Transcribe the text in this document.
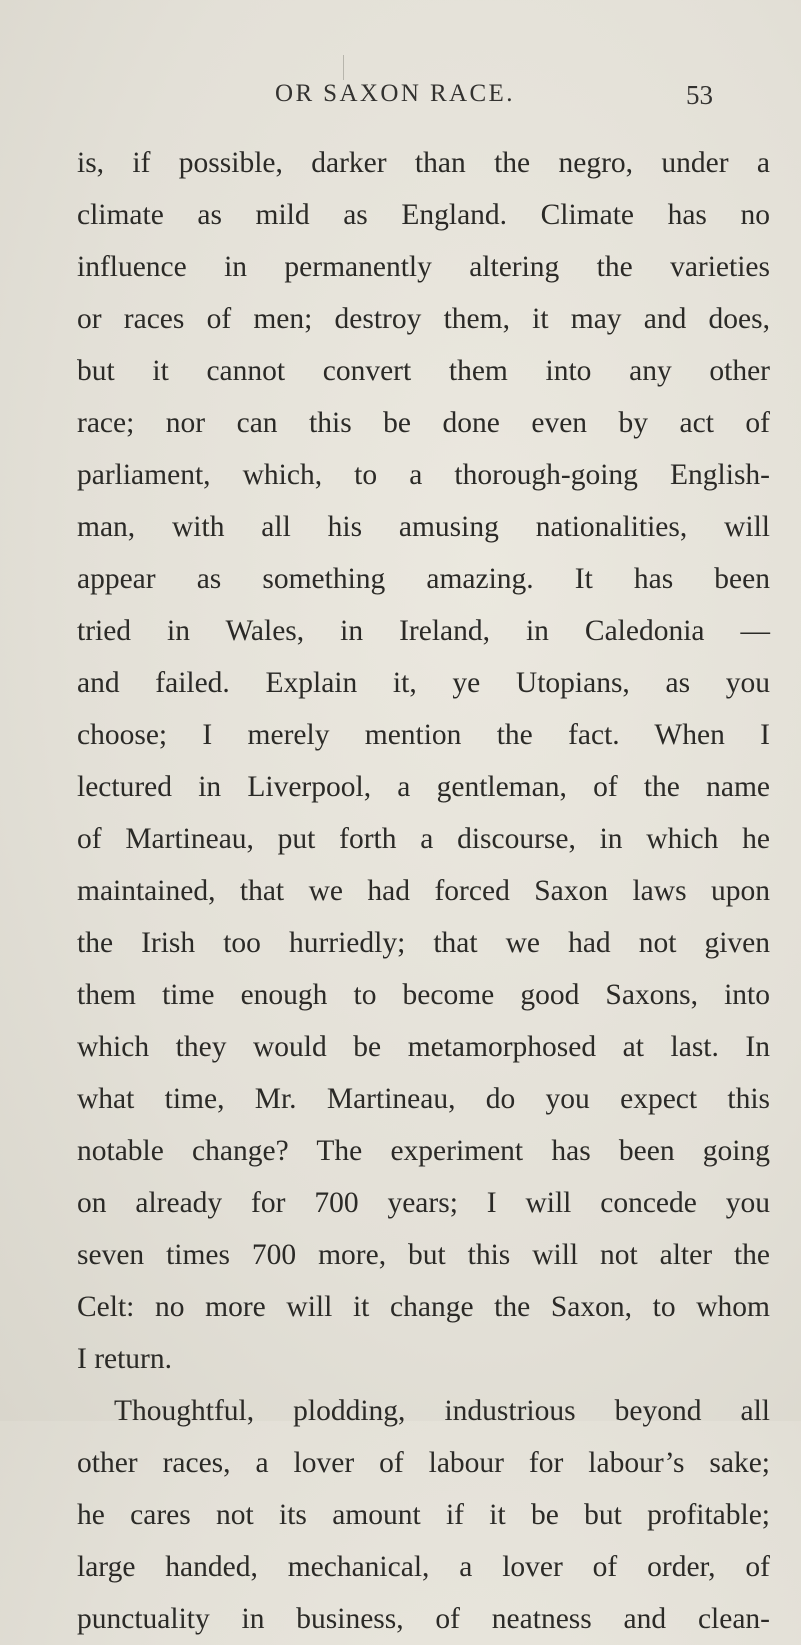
OR SAXON RACE.	53
is, if possible, darker than the negro, under a
climate as mild as England. Climate has no
influence in permanently altering the varieties
or races of men; destroy them, it may and does,
but it cannot convert them into any other
race; nor can this be done even by act of
parliament, which, to a thorough-going English-
man, with all his amusing nationalities, will
appear as something amazing. It has been
tried in Wales, in Ireland, in Caledonia —
and failed. Explain it, ye Utopians, as you
choose; I merely mention the fact. When I
lectured in Liverpool, a gentleman, of the name
of Martineau, put forth a discourse, in which he
maintained, that we had forced Saxon laws upon
the Irish too hurriedly; that we had not given
them time enough to become good Saxons, into
which they would be metamorphosed at last. In
what time, Mr. Martineau, do you expect this
notable change? The experiment has been going
on already for 700 years; I will concede you
seven times 700 more, but this will not alter the
Celt: no more will it change the Saxon, to whom
I return.
Thoughtful, plodding, industrious beyond all
other races, a lover of labour for labour’s sake;
he cares not its amount if it be but profitable;
large handed, mechanical, a lover of order, of
punctuality in business, of neatness and clean-
